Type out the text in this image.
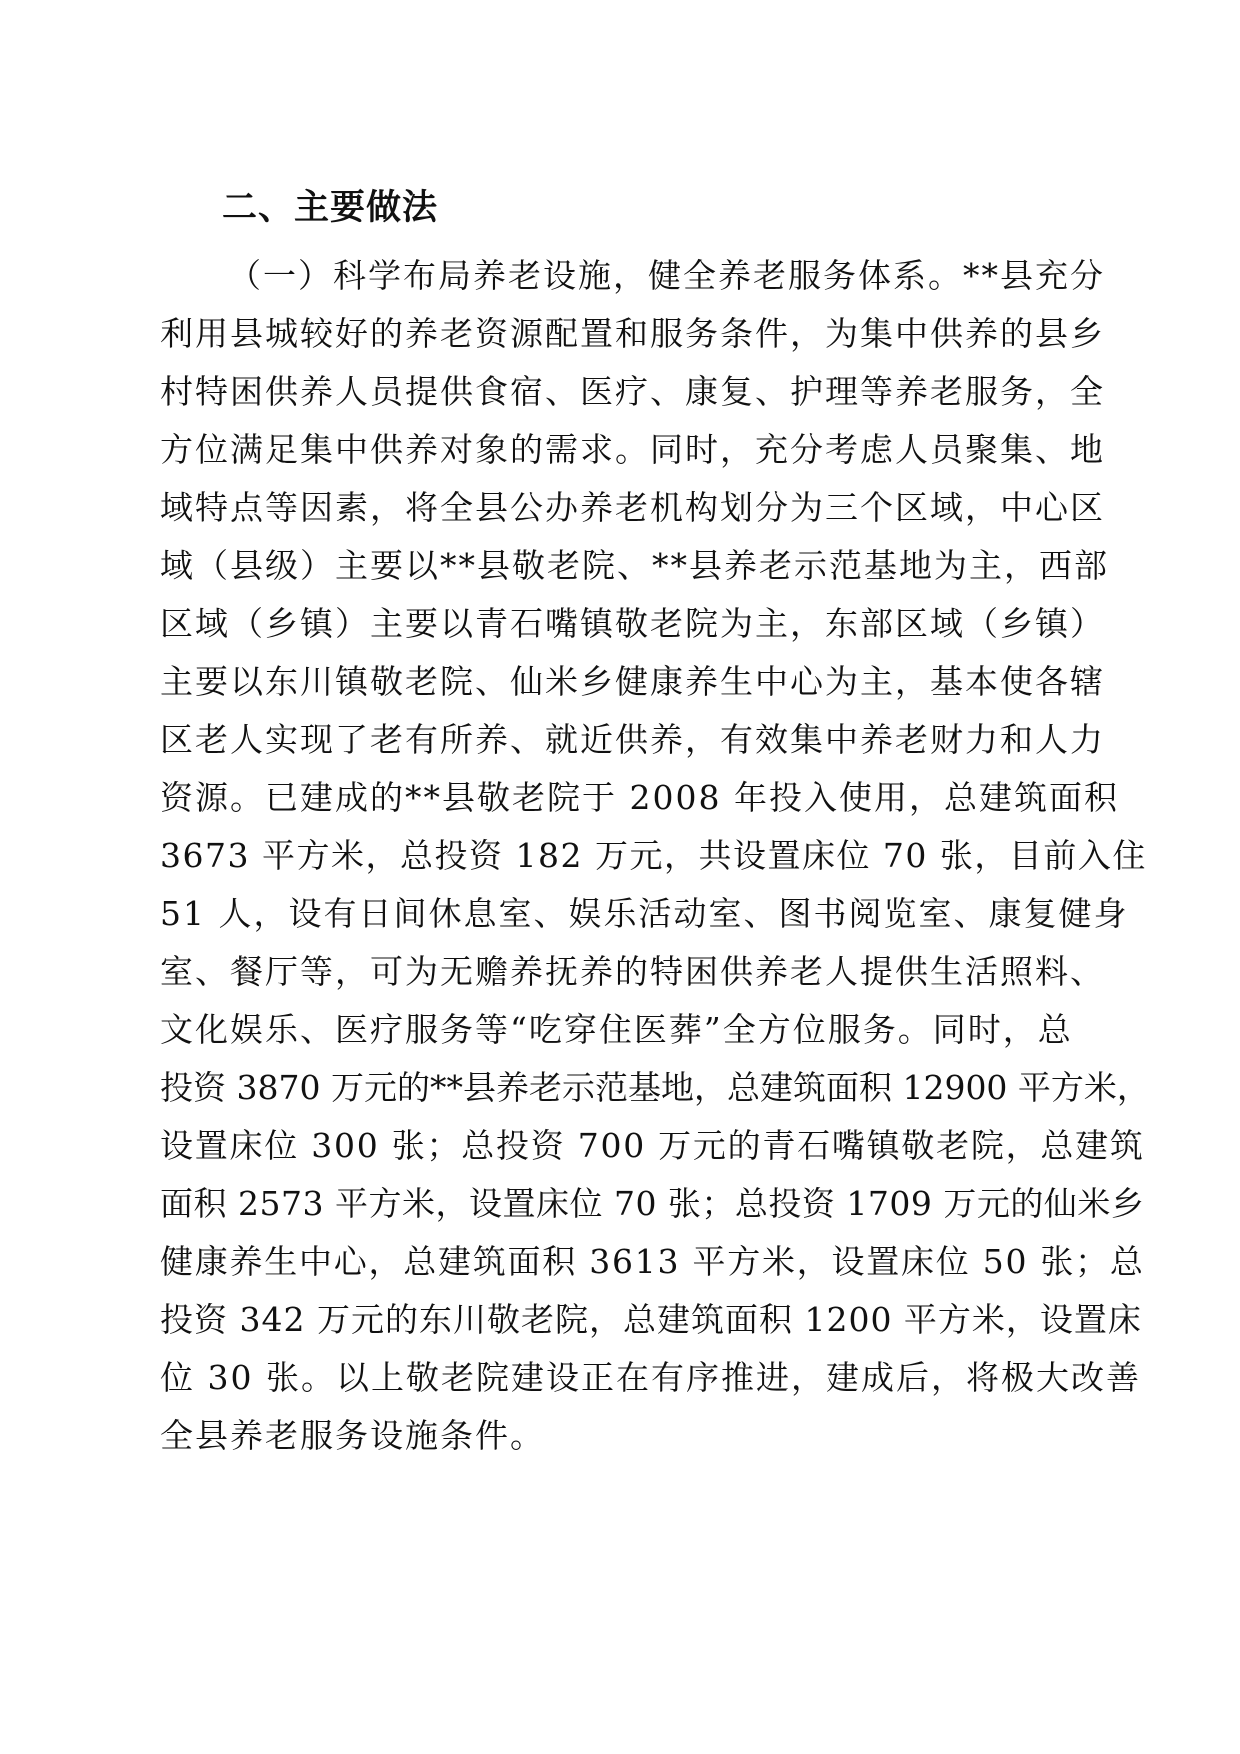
二、主要做法
（一）科学布局养老设施，健全养老服务体系。**县充分
利用县城较好的养老资源配置和服务条件，为集中供养的县乡
村特困供养人员提供食宿、医疗、康复、护理等养老服务，全
方位满足集中供养对象的需求。同时，充分考虑人员聚集、地
域特点等因素，将全县公办养老机构划分为三个区域，中心区
域（县级）主要以**县敬老院、**县养老示范基地为主，西部
区域（乡镇）主要以青石嘴镇敬老院为主，东部区域（乡镇）
主要以东川镇敬老院、仙米乡健康养生中心为主，基本使各辖
区老人实现了老有所养、就近供养，有效集中养老财力和人力
资源。已建成的**县敬老院于 2008 年投入使用，总建筑面积
3673 平方米，总投资 182 万元，共设置床位 70 张，目前入住
51 人，设有日间休息室、娱乐活动室、图书阅览室、康复健身
室、餐厅等，可为无赡养抚养的特困供养老人提供生活照料、
文化娱乐、医疗服务等“吃穿住医葬”全方位服务。同时，总
投资 3870 万元的**县养老示范基地，总建筑面积 12900 平方米，
设置床位 300 张；总投资 700 万元的青石嘴镇敬老院，总建筑
面积 2573 平方米，设置床位 70 张；总投资 1709 万元的仙米乡
健康养生中心，总建筑面积 3613 平方米，设置床位 50 张；总
投资 342 万元的东川敬老院，总建筑面积 1200 平方米，设置床
位 30 张。以上敬老院建设正在有序推进，建成后，将极大改善
全县养老服务设施条件。
